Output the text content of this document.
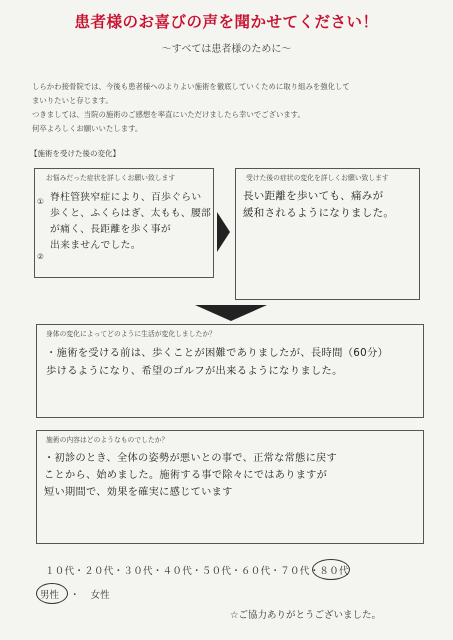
患者様のお喜びの声を聞かせてください！
〜すべては患者様のために〜

しらかわ接骨院では、今後も患者様へのよりよい施術を徹底していくために取り組みを強化して

まいりたいと存じます。

つきましては、当院の施術のご感想を率直にいただけましたら幸いでございます。

何卒よろしくお願いいたします。

【施術を受けた後の変化】
お悩みだった症状を詳しくお願い致します
①
②
脊柱管狭窄症により、百歩ぐらい
歩くと、ふくらはぎ、太もも、腰部
が痛く、長距離を歩く事が
出来ませんでした。
受けた後の症状の変化を詳しくお願い致します
長い距離を歩いても、痛みが
緩和されるようになりました。
身体の変化によってどのように生活が変化しましたか？
・施術を受ける前は、歩くことが困難でありましたが、長時間（60分）
歩けるようになり、希望のゴルフが出来るようになりました。
施術の内容はどのようなものでしたか？
・初診のとき、全体の姿勢が悪いとの事で、正常な常態に戻す
ことから、始めました。施術する事で除々にではありますが
短い期間で、効果を確実に感じています
１０代・２０代・３０代・４０代・５０代・６０代・７０代・８０代
男性 ・ 女性
☆ご協力ありがとうございました。
